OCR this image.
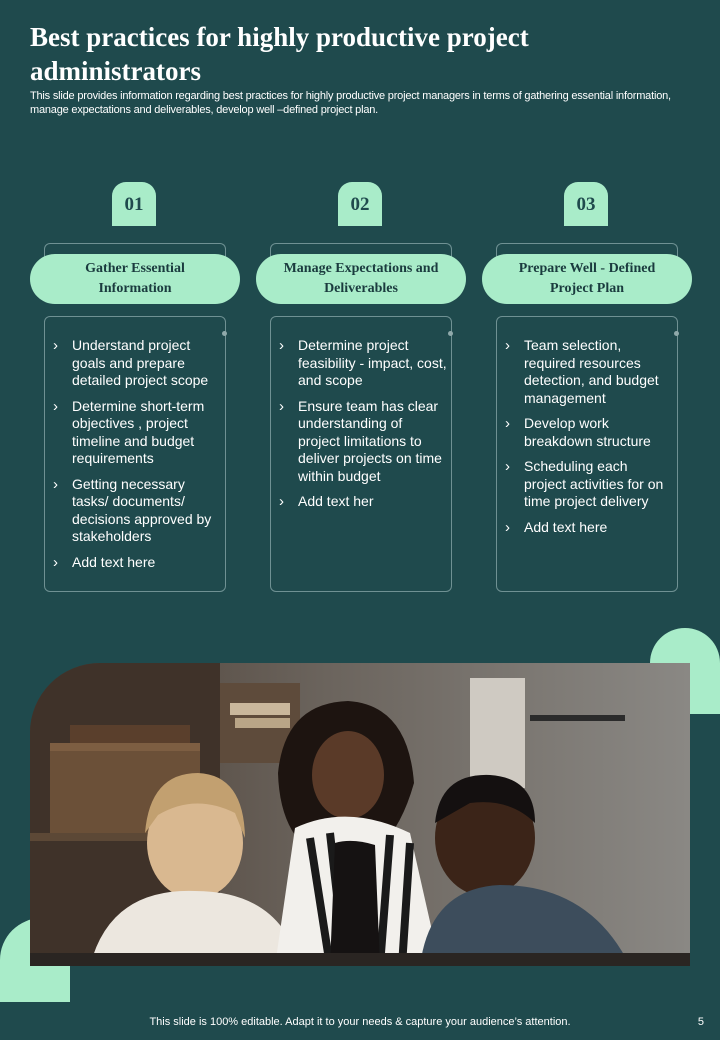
Best practices for highly productive project administrators
This slide provides information regarding best practices for highly productive project managers in terms of gathering essential information, manage expectations and deliverables, develop well –defined project plan.
01
Gather Essential Information
› Understand project goals and prepare detailed project scope
› Determine short-term objectives , project timeline and budget requirements
› Getting necessary tasks/ documents/ decisions approved by stakeholders
› Add text here
02
Manage Expectations and Deliverables
› Determine project feasibility - impact, cost, and scope
› Ensure team has clear understanding of project limitations to deliver projects on time within budget
› Add text her
03
Prepare Well - Defined Project Plan
› Team selection, required resources detection, and budget management
› Develop work breakdown structure
› Scheduling each project activities for on time project delivery
› Add text here
This slide is 100% editable. Adapt it to your needs & capture your audience’s attention.	5
